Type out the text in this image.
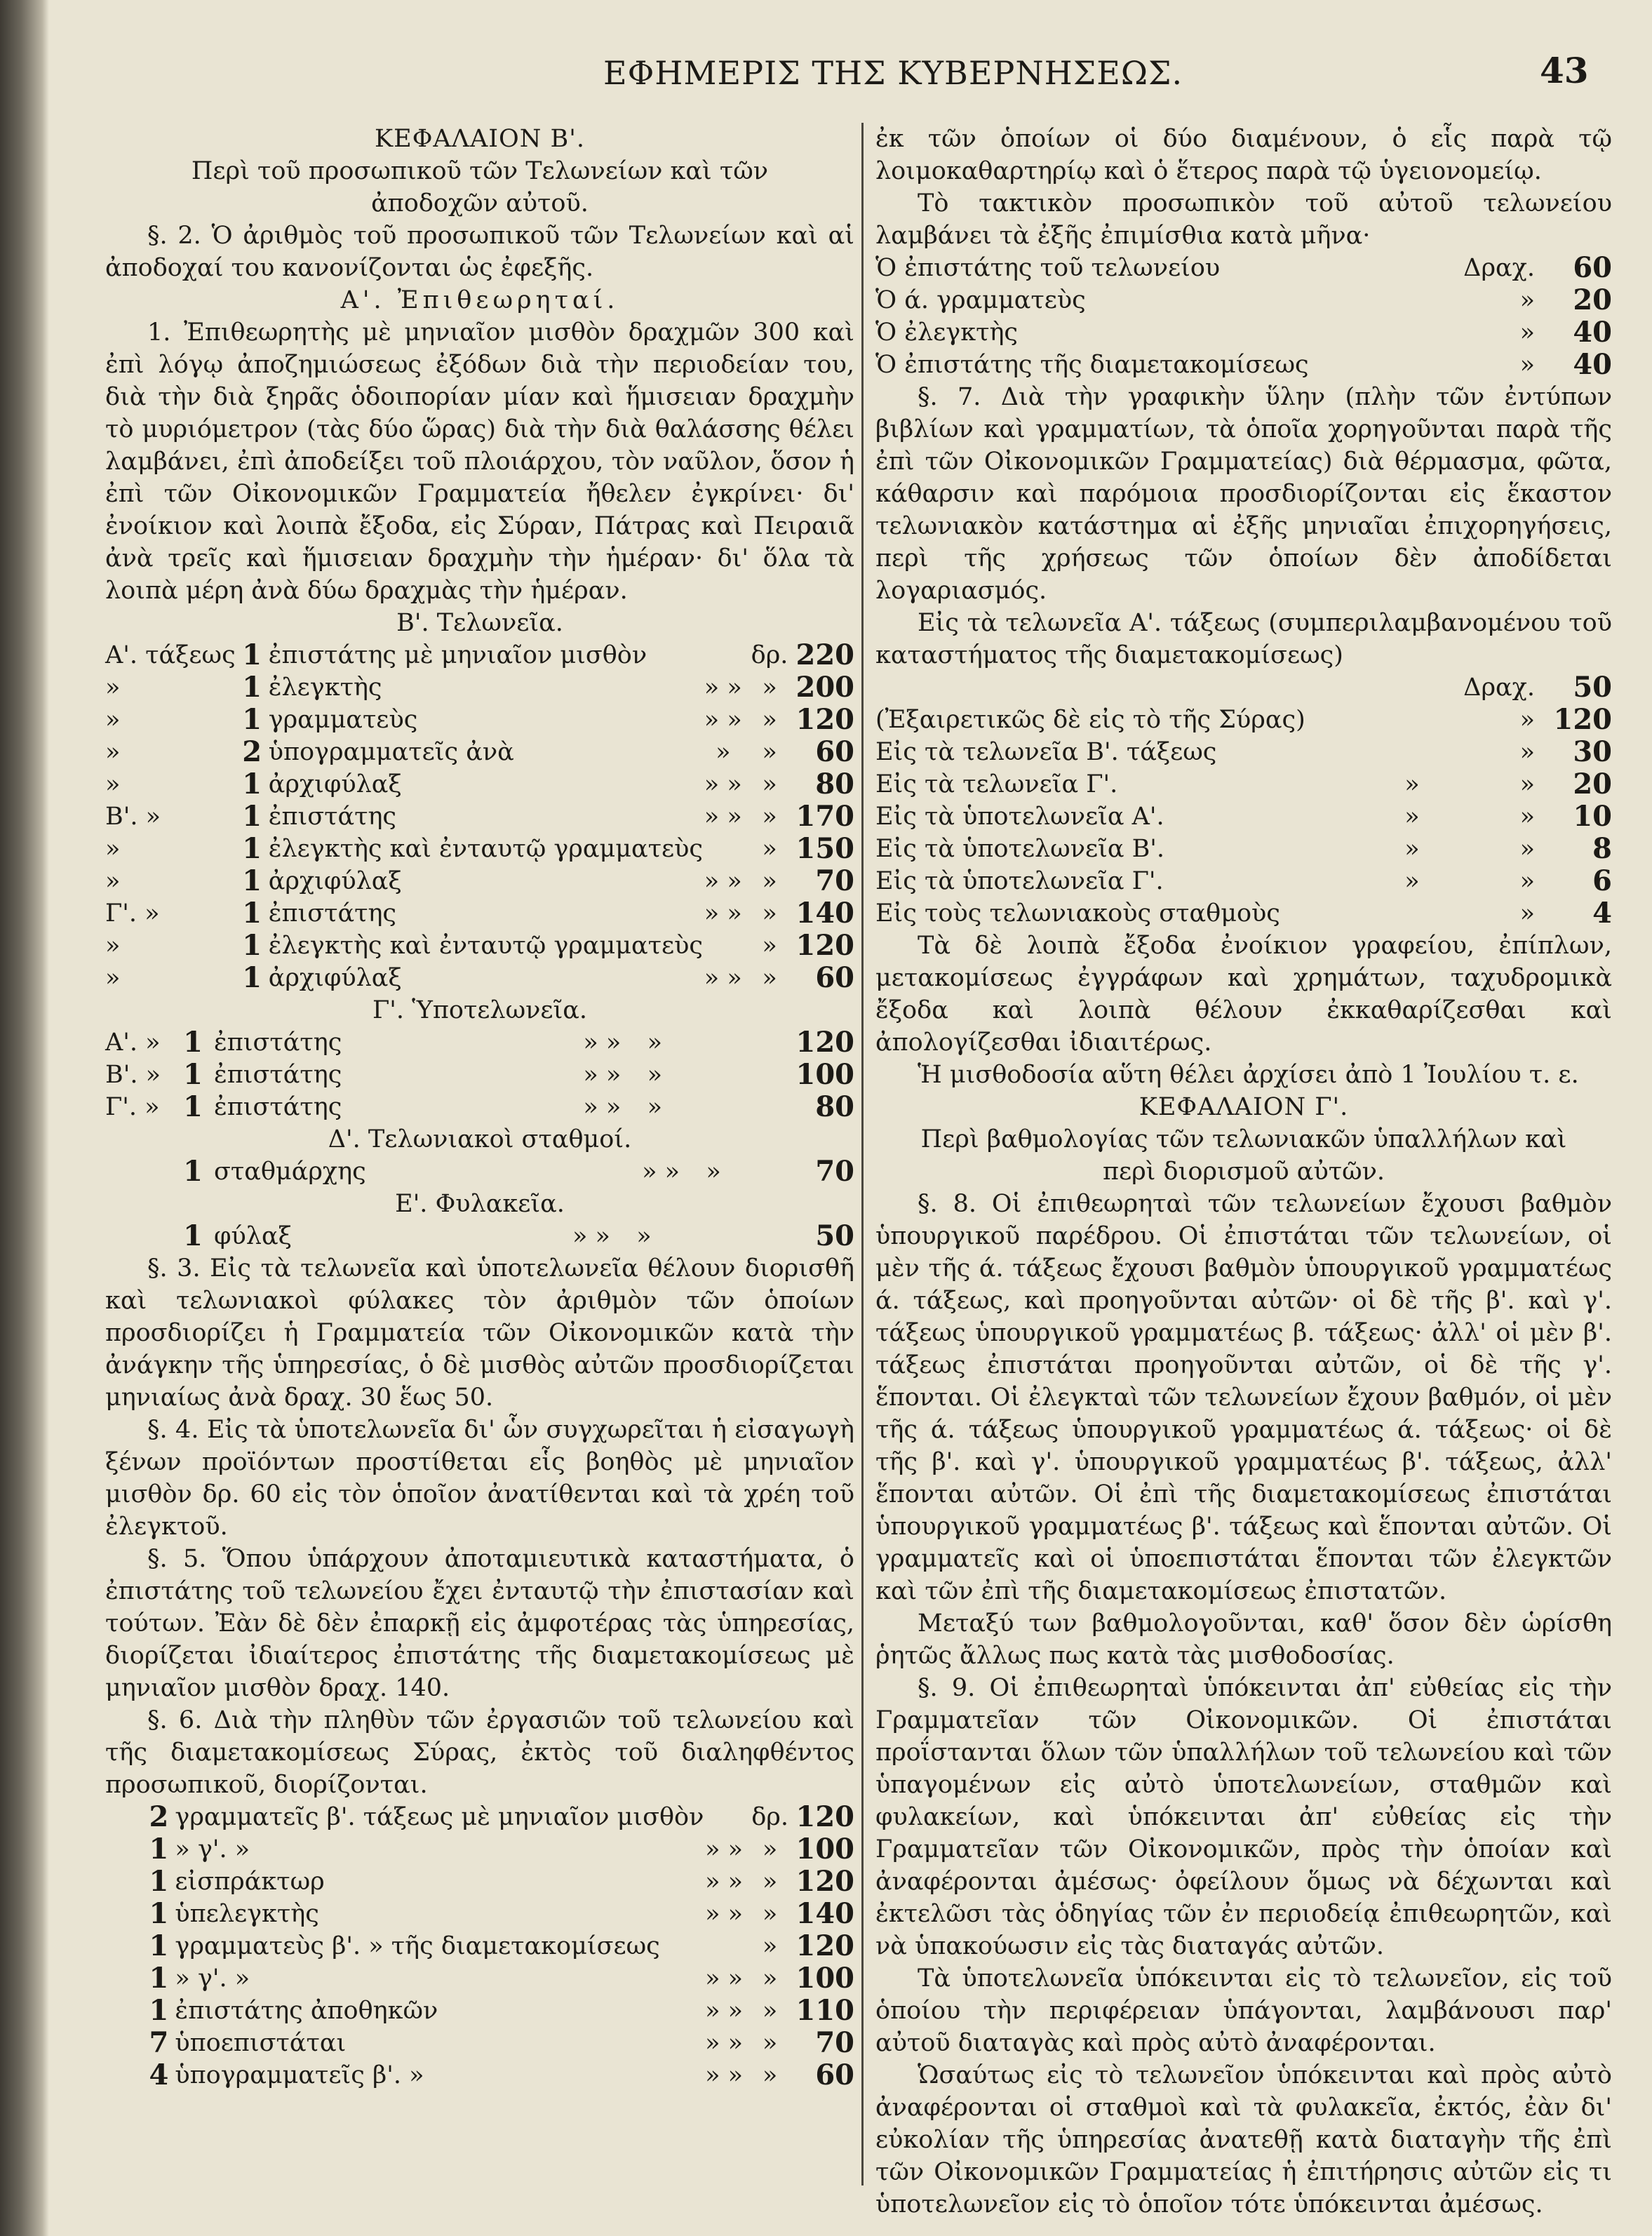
ΕΦΗΜΕΡΙΣ ΤΗΣ ΚΥΒΕΡΝΗΣΕΩΣ.	43
ΚΕΦΑΛΑΙΟΝ Β'.
Περὶ τοῦ προσωπικοῦ τῶν Τελωνείων καὶ τῶν
ἀποδοχῶν αὐτοῦ.

§. 2. Ὁ ἀριθμὸς τοῦ προσωπικοῦ τῶν Τελωνείων καὶ αἱ ἀποδοχαί του κανονίζονται ὡς ἐφεξῆς.

Α'. Ἐπιθεωρηταί.

1. Ἐπιθεωρητὴς μὲ μηνιαῖον μισθὸν δραχμῶν 300 καὶ ἐπὶ λόγῳ ἀποζημιώσεως ἐξόδων διὰ τὴν περιοδείαν του, διὰ τὴν διὰ ξηρᾶς ὁδοιπορίαν μίαν καὶ ἥμισειαν δραχμὴν τὸ μυριόμετρον (τὰς δύο ὥρας) διὰ τὴν διὰ θαλάσσης θέλει λαμβάνει, ἐπὶ ἀποδείξει τοῦ πλοιάρχου, τὸν ναῦλον, ὅσον ἡ ἐπὶ τῶν Οἰκονομικῶν Γραμματεία ἤθελεν ἐγκρίνει· δι' ἐνοίκιον καὶ λοιπὰ ἔξοδα, εἰς Σύραν, Πάτρας καὶ Πειραιᾶ ἀνὰ τρεῖς καὶ ἥμισειαν δραχμὴν τὴν ἡμέραν· δι' ὅλα τὰ λοιπὰ μέρη ἀνὰ δύω δραχμὰς τὴν ἡμέραν.

Β'. Τελωνεῖα.
Α'. τάξεως	1	ἐπιστάτης μὲ μηνιαῖον μισθὸν		δρ.	220
»	1	ἐλεγκτὴς	» »	»	200
»	1	γραμματεὺς	» »	»	120
»	2	ὑπογραμματεῖς ἀνὰ	»	»	60
»	1	ἀρχιφύλαξ	» »	»	80
Β'. »	1	ἐπιστάτης	» »	»	170
»	1	ἐλεγκτὴς καὶ ἐνταυτῷ γραμματεὺς		»	150
»	1	ἀρχιφύλαξ	» »	»	70
Γ'. »	1	ἐπιστάτης	» »	»	140
»	1	ἐλεγκτὴς καὶ ἐνταυτῷ γραμματεὺς		»	120
»	1	ἀρχιφύλαξ	» »	»	60
Γ'. Ὑποτελωνεῖα.
Α'. »	1	ἐπιστάτης	» »	»	120
Β'. »	1	ἐπιστάτης	» »	»	100
Γ'. »	1	ἐπιστάτης	» »	»	80
Δ'. Τελωνιακοὶ σταθμοί.
	1	σταθμάρχης	» »	»	70
Ε'. Φυλακεῖα.
	1	φύλαξ	» »	»	50

§. 3. Εἰς τὰ τελωνεῖα καὶ ὑποτελωνεῖα θέλουν διορισθῆ καὶ τελωνιακοὶ φύλακες τὸν ἀριθμὸν τῶν ὁποίων προσδιορίζει ἡ Γραμματεία τῶν Οἰκονομικῶν κατὰ τὴν ἀνάγκην τῆς ὑπηρεσίας, ὁ δὲ μισθὸς αὐτῶν προσδιορίζεται μηνιαίως ἀνὰ δραχ. 30 ἕως 50.

§. 4. Εἰς τὰ ὑποτελωνεῖα δι' ὧν συγχωρεῖται ἡ εἰσαγωγὴ ξένων προϊόντων προστίθεται εἷς βοηθὸς μὲ μηνιαῖον μισθὸν δρ. 60 εἰς τὸν ὁποῖον ἀνατίθενται καὶ τὰ χρέη τοῦ ἐλεγκτοῦ.

§. 5. Ὅπου ὑπάρχουν ἀποταμιευτικὰ καταστήματα, ὁ ἐπιστάτης τοῦ τελωνείου ἔχει ἐνταυτῷ τὴν ἐπιστασίαν καὶ τούτων. Ἐὰν δὲ δὲν ἐπαρκῇ εἰς ἀμφοτέρας τὰς ὑπηρεσίας, διορίζεται ἰδιαίτερος ἐπιστάτης τῆς διαμετακομίσεως μὲ μηνιαῖον μισθὸν δραχ. 140.

§. 6. Διὰ τὴν πληθὺν τῶν ἐργασιῶν τοῦ τελωνείου καὶ τῆς διαμετακομίσεως Σύρας, ἐκτὸς τοῦ διαληφθέντος προσωπικοῦ, διορίζονται.

	2	γραμματεῖς β'. τάξεως μὲ μηνιαῖον μισθὸν		δρ.	120
	1	» γ'. »	» »	»	100
	1	εἰσπράκτωρ	» »	»	120
	1	ὑπελεγκτὴς	» »	»	140
	1	γραμματεὺς β'. » τῆς διαμετακομίσεως		»	120
	1	» γ'. »	» »	»	100
	1	ἐπιστάτης ἀποθηκῶν	» »	»	110
	7	ὑποεπιστάται	» »	»	70
	4	ὑπογραμματεῖς β'. »	» »	»	60

ἐκ τῶν ὁποίων οἱ δύο διαμένουν, ὁ εἷς παρὰ τῷ λοιμοκαθαρτηρίῳ καὶ ὁ ἕτερος παρὰ τῷ ὑγειονομείῳ.

Τὸ τακτικὸν προσωπικὸν τοῦ αὐτοῦ τελωνείου λαμβάνει τὰ ἐξῆς ἐπιμίσθια κατὰ μῆνα·

Ὁ ἐπιστάτης τοῦ τελωνείου		Δραχ.	60
Ὁ ά. γραμματεὺς		»	20
Ὁ ἐλεγκτὴς		»	40
Ὁ ἐπιστάτης τῆς διαμετακομίσεως		»	40

§. 7. Διὰ τὴν γραφικὴν ὕλην (πλὴν τῶν ἐντύπων βιβλίων καὶ γραμματίων, τὰ ὁποῖα χορηγοῦνται παρὰ τῆς ἐπὶ τῶν Οἰκονομικῶν Γραμματείας) διὰ θέρμασμα, φῶτα, κάθαρσιν καὶ παρόμοια προσδιορίζονται εἰς ἕκαστον τελωνιακὸν κατάστημα αἱ ἐξῆς μηνιαῖαι ἐπιχορηγήσεις, περὶ τῆς χρήσεως τῶν ὁποίων δὲν ἀποδίδεται λογαριασμός.

Εἰς τὰ τελωνεῖα Α'. τάξεως (συμπεριλαμβανομένου τοῦ καταστήματος τῆς διαμετακομίσεως)

		Δραχ.	50
(Ἐξαιρετικῶς δὲ εἰς τὸ τῆς Σύρας)		»	120
Εἰς τὰ τελωνεῖα Β'. τάξεως		»	30
Εἰς τὰ τελωνεῖα Γ'.	»	»	20
Εἰς τὰ ὑποτελωνεῖα Α'.	»	»	10
Εἰς τὰ ὑποτελωνεῖα Β'.	»	»	8
Εἰς τὰ ὑποτελωνεῖα Γ'.	»	»	6
Εἰς τοὺς τελωνιακοὺς σταθμοὺς		»	4

Τὰ δὲ λοιπὰ ἔξοδα ἐνοίκιον γραφείου, ἐπίπλων, μετακομίσεως ἐγγράφων καὶ χρημάτων, ταχυδρομικὰ ἔξοδα καὶ λοιπὰ θέλουν ἐκκαθαρίζεσθαι καὶ ἀπολογίζεσθαι ἰδιαιτέρως.

Ἡ μισθοδοσία αὕτη θέλει ἀρχίσει ἀπὸ 1 Ἰουλίου τ. ε.

ΚΕΦΑΛΑΙΟΝ Γ'.
Περὶ βαθμολογίας τῶν τελωνιακῶν ὑπαλλήλων καὶ
περὶ διορισμοῦ αὐτῶν.

§. 8. Οἱ ἐπιθεωρηταὶ τῶν τελωνείων ἔχουσι βαθμὸν ὑπουργικοῦ παρέδρου. Οἱ ἐπιστάται τῶν τελωνείων, οἱ μὲν τῆς ά. τάξεως ἔχουσι βαθμὸν ὑπουργικοῦ γραμματέως ά. τάξεως, καὶ προηγοῦνται αὐτῶν· οἱ δὲ τῆς β'. καὶ γ'. τάξεως ὑπουργικοῦ γραμματέως β. τάξεως· ἀλλ' οἱ μὲν β'. τάξεως ἐπιστάται προηγοῦνται αὐτῶν, οἱ δὲ τῆς γ'. ἕπονται. Οἱ ἐλεγκταὶ τῶν τελωνείων ἔχουν βαθμόν, οἱ μὲν τῆς ά. τάξεως ὑπουργικοῦ γραμματέως ά. τάξεως· οἱ δὲ τῆς β'. καὶ γ'. ὑπουργικοῦ γραμματέως β'. τάξεως, ἀλλ' ἕπονται αὐτῶν. Οἱ ἐπὶ τῆς διαμετακομίσεως ἐπιστάται ὑπουργικοῦ γραμματέως β'. τάξεως καὶ ἕπονται αὐτῶν. Οἱ γραμματεῖς καὶ οἱ ὑποεπιστάται ἕπονται τῶν ἐλεγκτῶν καὶ τῶν ἐπὶ τῆς διαμετακομίσεως ἐπιστατῶν.

Μεταξύ των βαθμολογοῦνται, καθ' ὅσον δὲν ὡρίσθη ῥητῶς ἄλλως πως κατὰ τὰς μισθοδοσίας.

§. 9. Οἱ ἐπιθεωρηταὶ ὑπόκεινται ἀπ' εὐθείας εἰς τὴν Γραμματεῖαν τῶν Οἰκονομικῶν. Οἱ ἐπιστάται προΐστανται ὅλων τῶν ὑπαλλήλων τοῦ τελωνείου καὶ τῶν ὑπαγομένων εἰς αὐτὸ ὑποτελωνείων, σταθμῶν καὶ φυλακείων, καὶ ὑπόκεινται ἀπ' εὐθείας εἰς τὴν Γραμματεῖαν τῶν Οἰκονομικῶν, πρὸς τὴν ὁποίαν καὶ ἀναφέρονται ἀμέσως· ὀφείλουν ὅμως νὰ δέχωνται καὶ ἐκτελῶσι τὰς ὁδηγίας τῶν ἐν περιοδείᾳ ἐπιθεωρητῶν, καὶ νὰ ὑπακούωσιν εἰς τὰς διαταγάς αὐτῶν.

Τὰ ὑποτελωνεῖα ὑπόκεινται εἰς τὸ τελωνεῖον, εἰς τοῦ ὁποίου τὴν περιφέρειαν ὑπάγονται, λαμβάνουσι παρ' αὐτοῦ διαταγὰς καὶ πρὸς αὐτὸ ἀναφέρονται.

Ὡσαύτως εἰς τὸ τελωνεῖον ὑπόκεινται καὶ πρὸς αὐτὸ ἀναφέρονται οἱ σταθμοὶ καὶ τὰ φυλακεῖα, ἐκτός, ἐὰν δι' εὐκολίαν τῆς ὑπηρεσίας ἀνατεθῇ κατὰ διαταγὴν τῆς ἐπὶ τῶν Οἰκονομικῶν Γραμματείας ἡ ἐπιτήρησις αὐτῶν εἰς τι ὑποτελωνεῖον εἰς τὸ ὁποῖον τότε ὑπόκεινται ἀμέσως.
